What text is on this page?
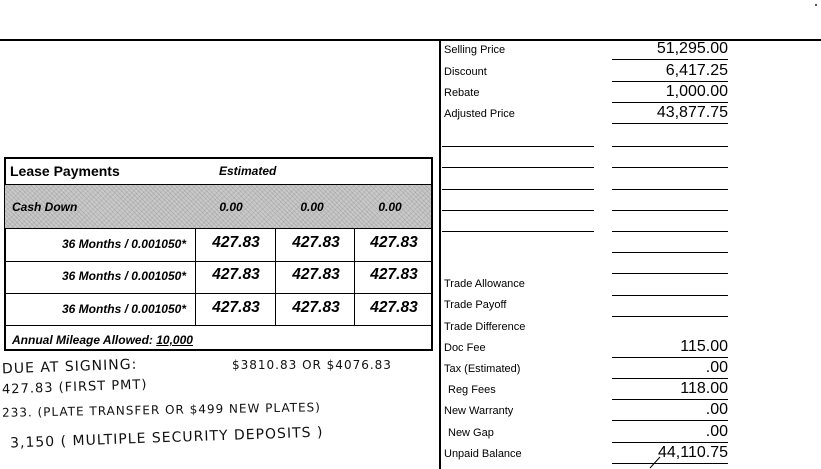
Selling Price	51,295.00
Discount	6,417.25
Rebate	1,000.00
Adjusted Price	43,877.75
Trade Allowance
Trade Payoff
Trade Difference
Doc Fee	115.00
Tax (Estimated)	.00
Reg Fees	118.00
New Warranty	.00
New Gap	.00
Unpaid Balance	44,110.75
Lease Payments	Estimated
Cash Down	0.00	0.00	0.00
36 Months / 0.001050*	427.83	427.83	427.83
36 Months / 0.001050*	427.83	427.83	427.83
36 Months / 0.001050*	427.83	427.83	427.83
Annual Mileage Allowed: 10,000
DUE AT SIGNING:	$3810.83 OR $4076.83
427.83 (FIRST PMT)
233. (PLATE TRANSFER OR $499 NEW PLATES)
3,150 ( MULTIPLE SECURITY DEPOSITS )
